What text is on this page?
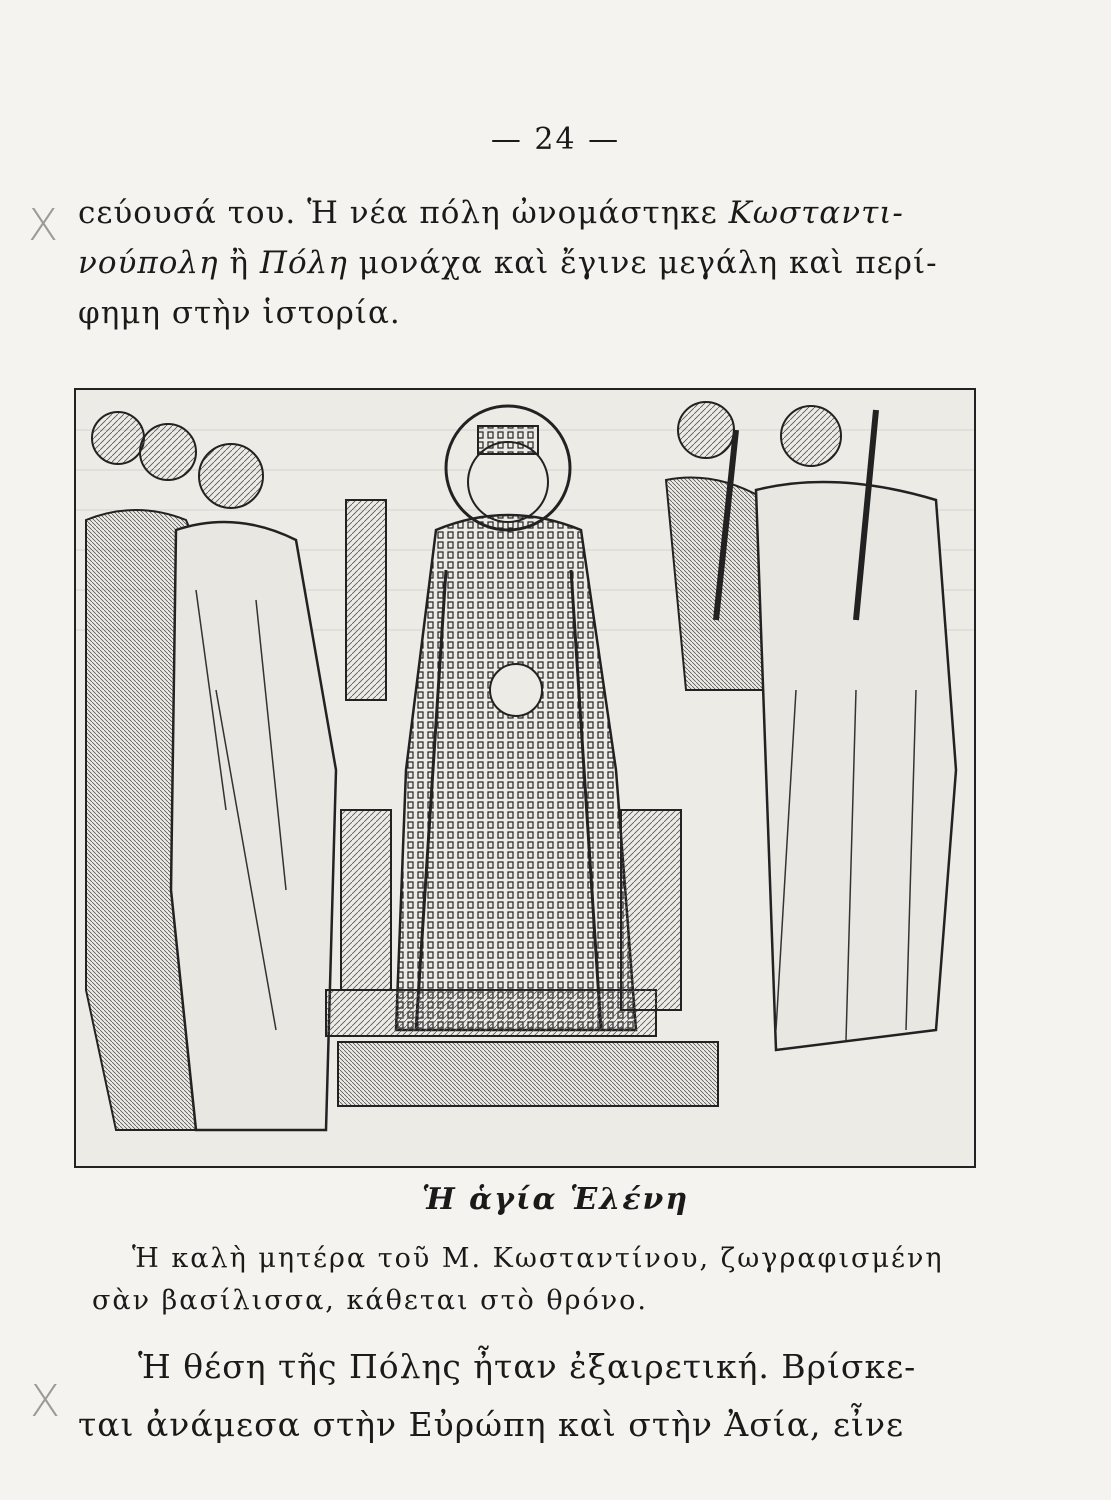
— 24 —
X
X

ϲεύουσά του. Ἡ νέα πόλη ὠνομάστηκε Κωσταντι-

νούπολη ἢ Πόλη μονάχα καὶ ἔγινε μεγάλη καὶ περί-

φημη στὴν ἱστορία.

Ἡ ἁγία Ἑλένη

Ἡ καλὴ μητέρα τοῦ Μ. Κωσταντίνου, ζωγραφισμένη

σὰν βασίλισσα, κάθεται στὸ θρόνο.

Ἡ θέση τῆς Πόλης ἦταν ἐξαιρετική. Βρίσκε-

ται ἀνάμεσα στὴν Εὐρώπη καὶ στὴν Ἀσία, εἶνε
